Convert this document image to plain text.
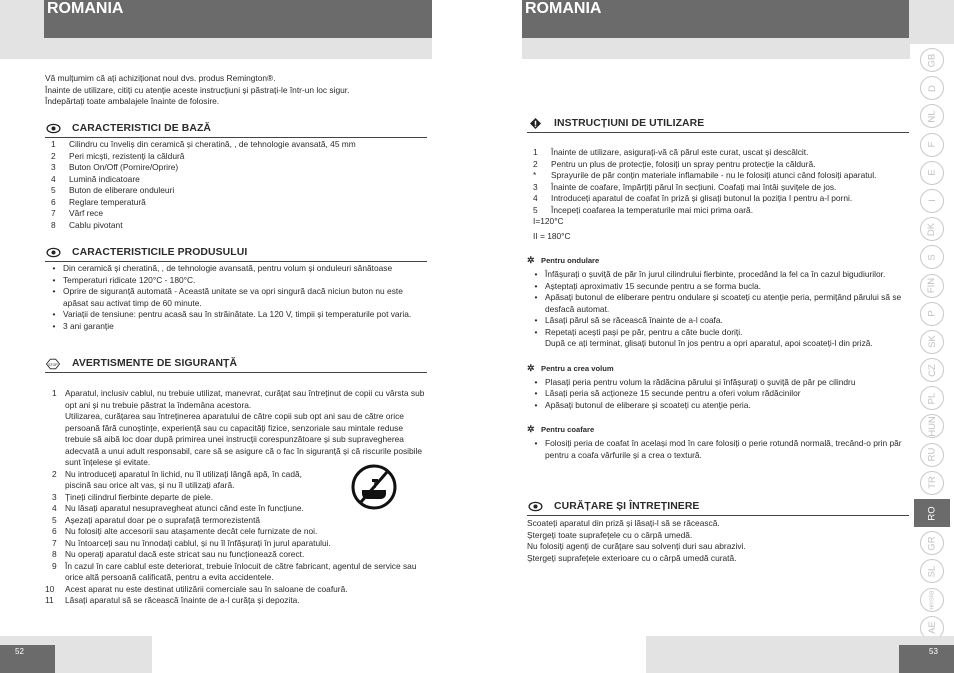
ROMANIA
Vă mulțumim că ați achiziționat noul dvs. produs Remington®.
Înainte de utilizare, citiți cu atenție aceste instrucțiuni și păstrați-le într-un loc sigur.
Îndepărtați toate ambalajele înainte de folosire.
CARACTERISTICI DE BAZĂ
1	Cilindru cu înveliș din ceramică și cheratină, , de tehnologie avansată, 45 mm
2	Peri micști, rezistenți la căldură
3	Buton On/Off (Pornire/Oprire)
4	Lumină indicatoare
5	Buton de eliberare onduleuri
6	Reglare temperatură
7	Vârf rece
8	Cablu pivotant
CARACTERISTICILE PRODUSULUI
• Din ceramică și cheratină, , de tehnologie avansată, pentru volum și onduleuri sănătoase
• Temperaturi ridicate 120°C - 180°C.
• Oprire de siguranță automată - Această unitate se va opri singură dacă niciun buton nu este apăsat sau activat timp de 60 minute.
• Variații de tensiune: pentru acasă sau în străinătate. La 120 V, timpii și temperaturile pot varia.
• 3 ani garanție
STOP AVERTISMENTE DE SIGURANȚĂ
1 Aparatul, inclusiv cablul, nu trebuie utilizat, manevrat, curățat sau întreținut de copii cu vârsta sub opt ani și nu trebuie păstrat la îndemâna acestora.
Utilizarea, curățarea sau întreținerea aparatului de către copii sub opt ani sau de către orice persoană fără cunoștințe, experiență sau cu capacități fizice, senzoriale sau mintale reduse trebuie să aibă loc doar după primirea unei instrucții corespunzătoare și sub supravegherea adecvată a unui adult responsabil, care să se asigure că o fac în siguranță și că riscurile posibile sunt înțelese și evitate.
2 Nu introduceți aparatul în lichid, nu îl utilizați lângă apă, în cadă, piscină sau orice alt vas, și nu îl utilizați afară.
3 Țineți cilindrul fierbinte departe de piele.
4 Nu lăsați aparatul nesupravegheat atunci când este în funcțiune.
5 Așezați aparatul doar pe o suprafață termorezistentă
6 Nu folosiți alte accesorii sau atașamente decât cele furnizate de noi.
7 Nu întoarceți sau nu înnodați cablul, și nu îl înfășurați în jurul aparatului.
8 Nu operați aparatul dacă este stricat sau nu funcționează corect.
9 În cazul în care cablul este deteriorat, trebuie înlocuit de către fabricant, agentul de service sau orice altă persoană calificată, pentru a evita accidentele.
10	Acest aparat nu este destinat utilizării comerciale sau în saloane de coafură.
11	Lăsați aparatul să se răcească înainte de a-l curăța și depozita.
52
ROMANIA
INSTRUCȚIUNI DE UTILIZARE
1	Înainte de utilizare, asigurați-vă că părul este curat, uscat și descâlcit.
2	Pentru un plus de protecție, folosiți un spray pentru protecție la căldură.
*	Sprayurile de păr conțin materiale inflamabile - nu le folosiți atunci când folosiți aparatul.
3	Înainte de coafare, împărțiți părul în secțiuni. Coafați mai întâi șuvițele de jos.
4	Introduceți aparatul de coafat în priză și glisați butonul la poziția I pentru a-l porni.
5	Începeți coafarea la temperaturile mai mici prima oară.
I=120°C
II = 180°C
✲ Pentru ondulare
• Înfășurați o șuviță de păr în jurul cilindrului fierbinte, procedând la fel ca în cazul bigudiurilor.
• Așteptați aproximativ 15 secunde pentru a se forma bucla.
• Apăsați butonul de eliberare pentru ondulare și scoateți cu atenție peria, permițând părului să se desfacă automat.
• Lăsați părul să se răcească înainte de a-l coafa.
• Repetați acești pași pe păr, pentru a căte bucle doriți.
După ce ați terminat, glisați butonul în jos pentru a opri aparatul, apoi scoateți-l din priză.
✲ Pentru a crea volum
• Plasați peria pentru volum la rădăcina părului și înfășurați o șuviță de păr pe cilindru
• Lăsați peria să acționeze 15 secunde pentru a oferi volum rădăcinilor
• Apăsați butonul de eliberare și scoateți cu atenție peria.
✲ Pentru coafare
• Folosiți peria de coafat în același mod în care folosiți o perie rotundă normală, trecând-o prin păr pentru a coafa vârfurile și a crea o textură.
CURĂȚARE ȘI ÎNTREȚINERE
Scoateți aparatul din priză și lăsați-l să se răcească.
Ștergeți toate suprafețele cu o cârpă umedă.
Nu folosiți agenți de curățare sau solvenți duri sau abrazivi.
Ștergeți suprafețele exterioare cu o cârpă umedă curată.
GB
D
NL
F
E
I
DK
S
FIN
P
SK
CZ
PL
HUN
RU
TR
RO
GR
SL
HR/SRB
AE
53
